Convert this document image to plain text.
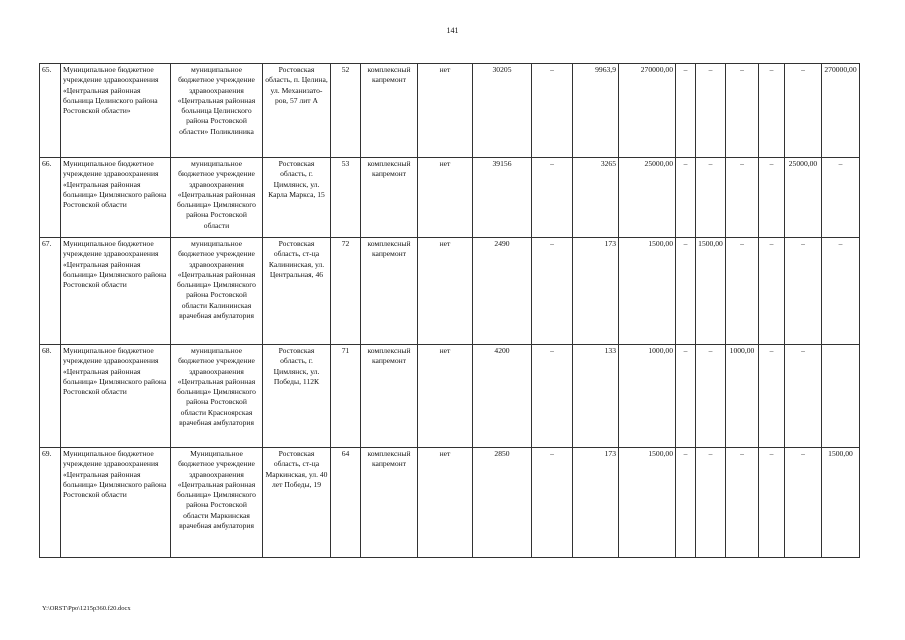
141
65.	Муниципальное бюджетное учреждение здравоохранения «Центральная районная больница Целинского района Ростовской области»	муниципальное бюджетное учреждение здравоохранения «Центральная районная больница Целинского района Ростовской области» Поликлиника	Ростовская область, п. Целина, ул. Механизато-ров, 57 лит А	52	комплексный капремонт	нет	30205	–	9963,9	270000,00	–	–	–	–	–	270000,00
66.	Муниципальное бюджетное учреждение здравоохранения «Центральная районная больница» Цимлянского района Ростовской области	муниципальное бюджетное учреждение здравоохранения «Центральная районная больница» Цимлянского района Ростовской области	Ростовская область, г. Цимлянск, ул. Карла Маркса, 15	53	комплексный капремонт	нет	39156	–	3265	25000,00	–	–	–	–	25000,00	–
67.	Муниципальное бюджетное учреждение здравоохранения «Центральная районная больница» Цимлянского района Ростовской области	муниципальное бюджетное учреждение здравоохранения «Центральная районная больница» Цимлянского района Ростовской области Калининская врачебная амбулатория	Ростовская область, ст-ца Калининская, ул. Центральная, 46	72	комплексный капремонт	нет	2490	–	173	1500,00	–	1500,00	–	–	–	–
68.	Муниципальное бюджетное учреждение здравоохранения «Центральная районная больница» Цимлянского района Ростовской области	муниципальное бюджетное учреждение здравоохранения «Центральная районная больница» Цимлянского района Ростовской области Красноярская врачебная амбулатория	Ростовская область, г. Цимлянск, ул. Победы, 112К	71	комплексный капремонт	нет	4200	–	133	1000,00	–	–	1000,00	–	–	
69.	Муниципальное бюджетное учреждение здравоохранения «Центральная районная больница» Цимлянского района Ростовской области	Муниципальное бюджетное учреждение здравоохранения «Центральная районная больница» Цимлянского района Ростовской области Маркинская врачебная амбулатория	Ростовская область, ст-ца Маркинская, ул. 40 лет Победы, 19	64	комплексный капремонт	нет	2850	–	173	1500,00	–	–	–	–	–	1500,00
Y:\ORST\Ppo\1215p360.f20.docx
